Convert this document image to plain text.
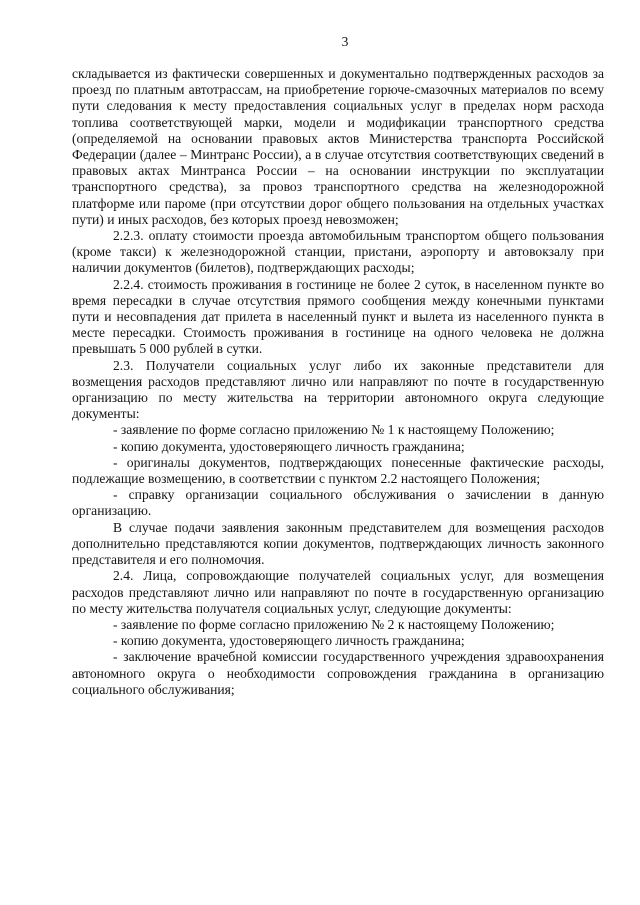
3

складывается из фактически совершенных и документально подтвержденных расходов за проезд по платным автотрассам, на приобретение горюче-смазочных материалов по всему пути следования к месту предоставления социальных услуг в пределах норм расхода топлива соответствующей марки, модели и модификации транспортного средства (определяемой на основании правовых актов Министерства транспорта Российской Федерации (далее – Минтранс России), а в случае отсутствия соответствующих сведений в правовых актах Минтранса России – на основании инструкции по эксплуатации транспортного средства), за провоз транспортного средства на железнодорожной платформе или пароме (при отсутствии дорог общего пользования на отдельных участках пути) и иных расходов, без которых проезд невозможен;

2.2.3. оплату стоимости проезда автомобильным транспортом общего пользования (кроме такси) к железнодорожной станции, пристани, аэропорту и автовокзалу при наличии документов (билетов), подтверждающих расходы;

2.2.4. стоимость проживания в гостинице не более 2 суток, в населенном пункте во время пересадки в случае отсутствия прямого сообщения между конечными пунктами пути и несовпадения дат прилета в населенный пункт и вылета из населенного пункта в месте пересадки. Стоимость проживания в гостинице на одного человека не должна превышать 5 000 рублей в сутки.

2.3. Получатели социальных услуг либо их законные представители для возмещения расходов представляют лично или направляют по почте в государственную организацию по месту жительства на территории автономного округа следующие документы:

- заявление по форме согласно приложению № 1 к настоящему Положению;

- копию документа, удостоверяющего личность гражданина;

- оригиналы документов, подтверждающих понесенные фактические расходы, подлежащие возмещению, в соответствии с пунктом 2.2 настоящего Положения;

- справку организации социального обслуживания о зачислении в данную организацию.

В случае подачи заявления законным представителем для возмещения расходов дополнительно представляются копии документов, подтверждающих личность законного представителя и его полномочия.

2.4. Лица, сопровождающие получателей социальных услуг, для возмещения расходов представляют лично или направляют по почте в государственную организацию по месту жительства получателя социальных услуг, следующие документы:

- заявление по форме согласно приложению № 2 к настоящему Положению;

- копию документа, удостоверяющего личность гражданина;

- заключение врачебной комиссии государственного учреждения здравоохранения автономного округа о необходимости сопровождения гражданина в организацию социального обслуживания;
